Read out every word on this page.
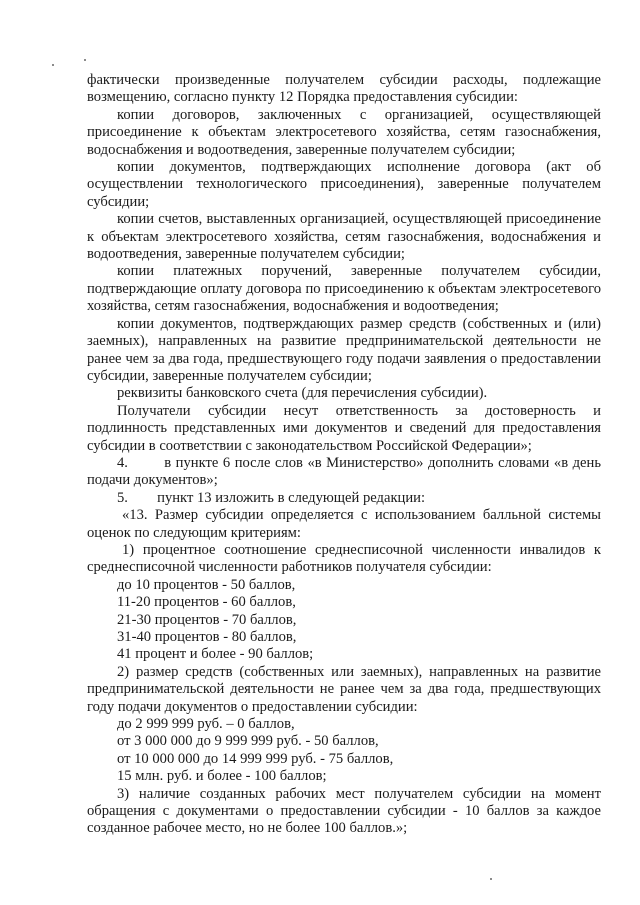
фактически произведенные получателем субсидии расходы, подлежащие возмещению, согласно пункту 12 Порядка предоставления субсидии:

копии договоров, заключенных с организацией, осуществляющей присоединение к объектам электросетевого хозяйства, сетям газоснабжения, водоснабжения и водоотведения, заверенные получателем субсидии;

копии документов, подтверждающих исполнение договора (акт об осуществлении технологического присоединения), заверенные получателем субсидии;

копии счетов, выставленных организацией, осуществляющей присоединение к объектам электросетевого хозяйства, сетям газоснабжения, водоснабжения и водоотведения, заверенные получателем субсидии;

копии платежных поручений, заверенные получателем субсидии, подтверждающие оплату договора по присоединению к объектам электросетевого хозяйства, сетям газоснабжения, водоснабжения и водоотведения;

копии документов, подтверждающих размер средств (собственных и (или) заемных), направленных на развитие предпринимательской деятельности не ранее чем за два года, предшествующего году подачи заявления о предоставлении субсидии, заверенные получателем субсидии;

реквизиты банковского счета (для перечисления субсидии).

Получатели субсидии несут ответственность за достоверность и подлинность представленных ими документов и сведений для предоставления субсидии в соответствии с законодательством Российской Федерации»;

4.        в пункте 6 после слов «в Министерство» дополнить словами «в день подачи документов»;

5.        пункт 13 изложить в следующей редакции:

«13. Размер субсидии определяется с использованием балльной системы оценок по следующим критериям:

1) процентное соотношение среднесписочной численности инвалидов к среднесписочной численности работников получателя субсидии:

до 10 процентов - 50 баллов,

11-20 процентов - 60 баллов,

21-30 процентов - 70 баллов,

31-40 процентов - 80 баллов,

41 процент и более - 90 баллов;

2) размер средств (собственных или заемных), направленных на развитие предпринимательской деятельности не ранее чем за два года, предшествующих году подачи документов о предоставлении субсидии:

до 2 999 999 руб. – 0 баллов,

от 3 000 000 до 9 999 999 руб. - 50 баллов,

от 10 000 000 до 14 999 999 руб. - 75 баллов,

15 млн. руб. и более - 100 баллов;

3) наличие созданных рабочих мест получателем субсидии на момент обращения с документами о предоставлении субсидии - 10 баллов за каждое созданное рабочее место, но не более 100 баллов.»;
